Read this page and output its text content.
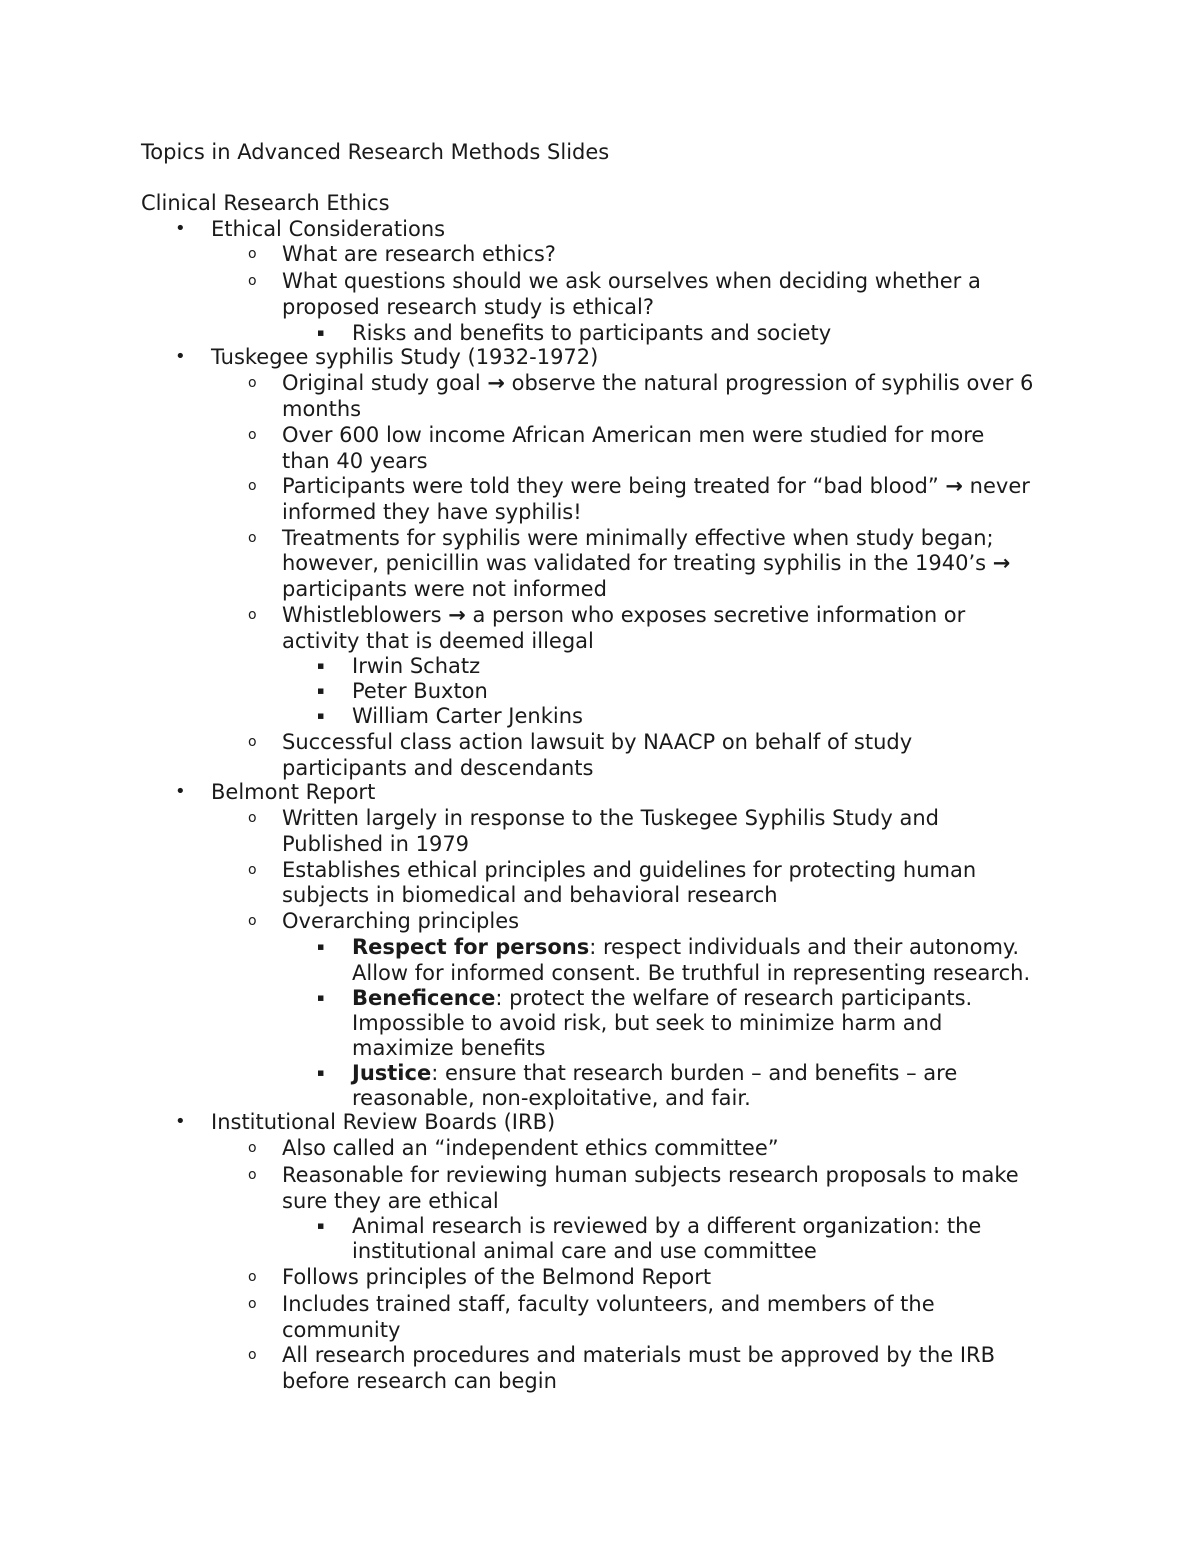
Topics in Advanced Research Methods Slides
Clinical Research Ethics
• Ethical Considerations
o What are research ethics?
o What questions should we ask ourselves when deciding whether a
proposed research study is ethical?
▪ Risks and benefits to participants and society
• Tuskegee syphilis Study (1932-1972)
o Original study goal → observe the natural progression of syphilis over 6
months
o Over 600 low income African American men were studied for more
than 40 years
o Participants were told they were being treated for “bad blood” → never
informed they have syphilis!
o Treatments for syphilis were minimally effective when study began;
however, penicillin was validated for treating syphilis in the 1940’s →
participants were not informed
o Whistleblowers → a person who exposes secretive information or
activity that is deemed illegal
▪ Irwin Schatz
▪ Peter Buxton
▪ William Carter Jenkins
o Successful class action lawsuit by NAACP on behalf of study
participants and descendants
• Belmont Report
o Written largely in response to the Tuskegee Syphilis Study and
Published in 1979
o Establishes ethical principles and guidelines for protecting human
subjects in biomedical and behavioral research
o Overarching principles
▪ Respect for persons: respect individuals and their autonomy.
Allow for informed consent. Be truthful in representing research.
▪ Beneficence: protect the welfare of research participants.
Impossible to avoid risk, but seek to minimize harm and
maximize benefits
▪ Justice: ensure that research burden – and benefits – are
reasonable, non-exploitative, and fair.
• Institutional Review Boards (IRB)
o Also called an “independent ethics committee”
o Reasonable for reviewing human subjects research proposals to make
sure they are ethical
▪ Animal research is reviewed by a different organization: the
institutional animal care and use committee
o Follows principles of the Belmond Report
o Includes trained staff, faculty volunteers, and members of the
community
o All research procedures and materials must be approved by the IRB
before research can begin
